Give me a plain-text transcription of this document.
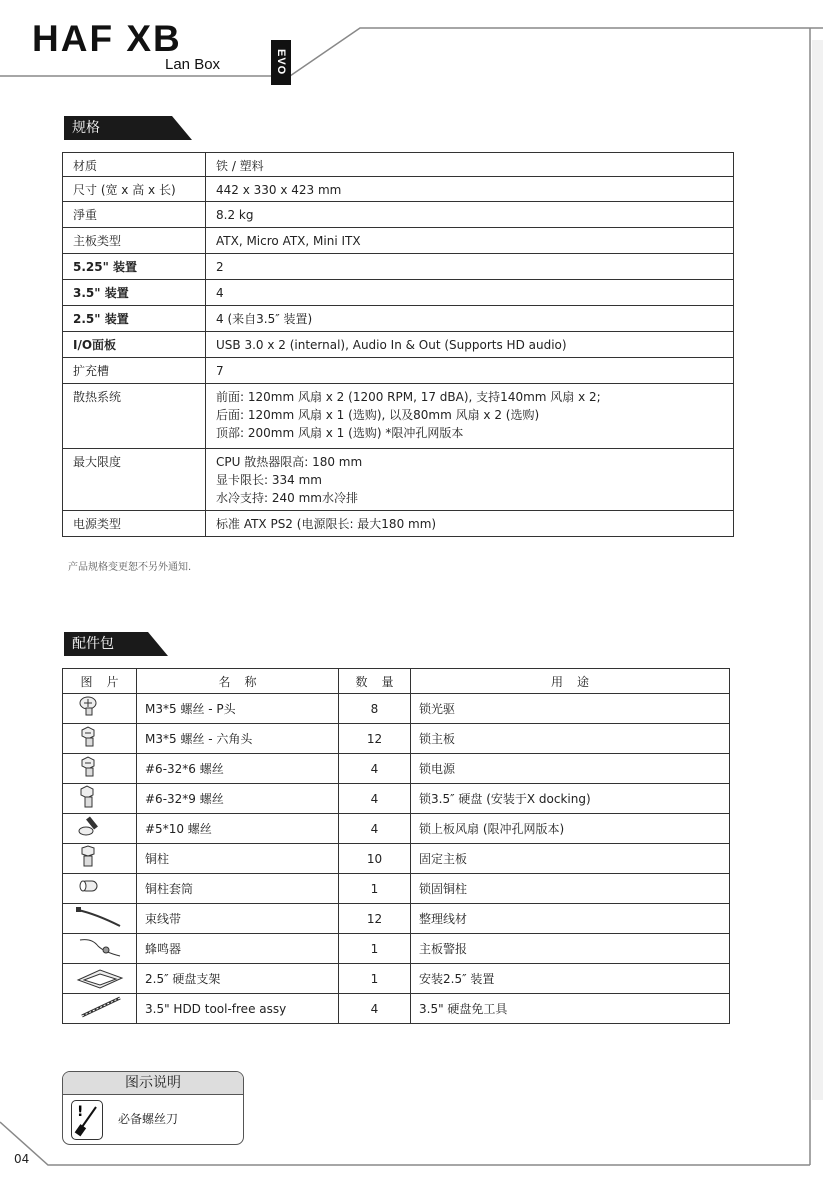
HAF XB
Lan Box	EVO
规格
材质	铁 / 塑料

尺寸 (宽 x 高 x 长)	442 x 330 x 423 mm

淨重	8.2 kg

主板类型	ATX, Micro ATX, Mini ITX

5.25" 装置	2

3.5" 装置	4

2.5" 装置	4 (来自3.5″ 装置)

I/O面板	USB 3.0 x 2 (internal), Audio In & Out (Supports HD audio)

扩充槽	7

散热系统	前面: 120mm 风扇 x 2 (1200 RPM, 17 dBA), 支持140mm 风扇 x 2;
后面: 120mm 风扇 x 1 (选购), 以及80mm 风扇 x 2 (选购)
顶部: 200mm 风扇 x 1 (选购) *限冲孔网版本

最大限度	CPU 散热器限高: 180 mm
显卡限长: 334 mm
水冷支持: 240 mm水冷排

电源类型	标准 ATX PS2 (电源限长: 最大180 mm)
产品规格变更恕不另外通知.
配件包
图片	名称	数量	用途
	M3*5 螺丝 - P头	8	锁光驱
	M3*5 螺丝 - 六角头	12	锁主板
	#6-32*6 螺丝	4	锁电源
	#6-32*9 螺丝	4	锁3.5″ 硬盘 (安装于X docking)
	#5*10 螺丝	4	锁上板风扇 (限冲孔网版本)
	铜柱	10	固定主板
	铜柱套筒	1	锁固铜柱
	束线带	12	整理线材
	蜂鸣器	1	主板警报
	2.5″ 硬盘支架	1	安装2.5″ 装置
	3.5" HDD tool-free assy	4	3.5" 硬盘免工具
图示说明
!	必备螺丝刀
04
